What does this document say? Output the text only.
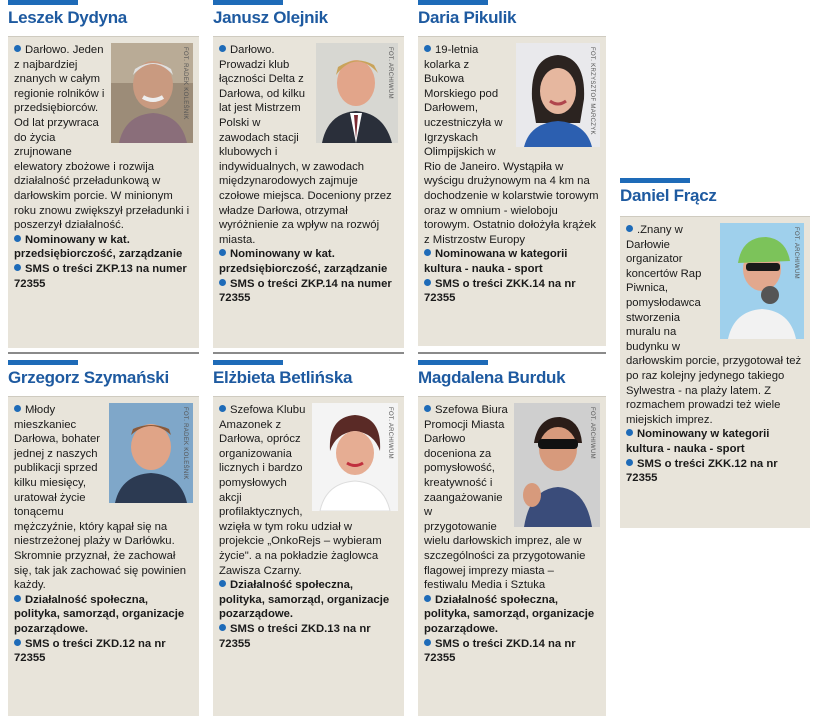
Leszek Dydyna
FOT. RADEK KOLEŚNIK

Darłowo. Jeden z najbardziej znanych w całym regionie rolników i przedsiębiorców. Od lat przywraca do życia zrujnowane elewatory zbożowe i rozwija działalność przeładunkową w darłowskim porcie. W minionym roku znowu zwiększył przeładunki i poszerzył działalność.

Nominowany w kat. przedsiębiorczość, zarządzanie

SMS o treści ZKP.13 na numer 72355

Janusz Olejnik
FOT. ARCHIWUM

Darłowo. Prowadzi klub łączności Delta z Darłowa, od kilku lat jest Mistrzem Polski w zawodach stacji klubowych i indywidualnych, w zawodach międzynarodowych zajmuje czołowe miejsca. Doceniony przez władze Darłowa, otrzymał wyróżnienie za wpływ na rozwój miasta.

Nominowany w kat. przedsiębiorczość, zarządzanie

SMS o treści ZKP.14 na numer 72355

Daria Pikulik
FOT. KRZYSZTOF MARCZYK

19-letnia kolarka z Bukowa Morskiego pod Darłowem, uczestniczyła w Igrzyskach Olimpijskich w Rio de Janeiro. Wystąpiła w wyścigu drużynowym na 4 km na dochodzenie w kolarstwie torowym oraz w omnium - wieloboju torowym. Ostatnio dołożyła krążek z Mistrzostw Europy

Nominowana w kategorii kultura - nauka - sport

SMS o treści ZKK.14 na nr 72355

Daniel Frącz
FOT. ARCHIWUM

.Znany w Darłowie organizator koncertów Rap Piwnica, pomysłodawca stworzenia muralu na budynku w darłowskim porcie, przygotował też po raz kolejny jedynego takiego Sylwestra - na plaży latem. Z rozmachem prowadzi też wiele miejskich imprez.

Nominowany w kategorii kultura - nauka - sport

SMS o treści ZKK.12 na nr 72355

Grzegorz Szymański
FOT. RADEK KOLEŚNIK

Młody mieszkaniec Darłowa, bohater jednej z naszych publikacji sprzed kilku miesięcy, uratował życie tonącemu mężczyźnie, który kąpał się na niestrzeżonej plaży w Darłówku. Skromnie przyznał, że zachował się, tak jak zachować się powinien każdy.

Działalność społeczna, polityka, samorząd, organizacje pozarządowe.

SMS o treści ZKD.12 na nr 72355

Elżbieta Betlińska
FOT. ARCHIWUM

Szefowa Klubu Amazonek z Darłowa, oprócz organizowania licznych i bardzo pomysłowych akcji profilaktycznych, wzięła w tym roku udział w projekcie „OnkoRejs – wybieram życie". a na pokładzie żaglowca Zawisza Czarny.

Działalność społeczna, polityka, samorząd, organizacje pozarządowe.

SMS o treści ZKD.13 na nr 72355

Magdalena Burduk
FOT. ARCHIWUM

Szefowa Biura Promocji Miasta Darłowo doceniona za pomysłowość, kreatywność i zaangażowanie w przygotowanie wielu darłowskich imprez, ale w szczególności za przygotowanie flagowej imprezy miasta – festiwalu Media i Sztuka

Działalność społeczna, polityka, samorząd, organizacje pozarządowe.

SMS o treści ZKD.14 na nr 72355
